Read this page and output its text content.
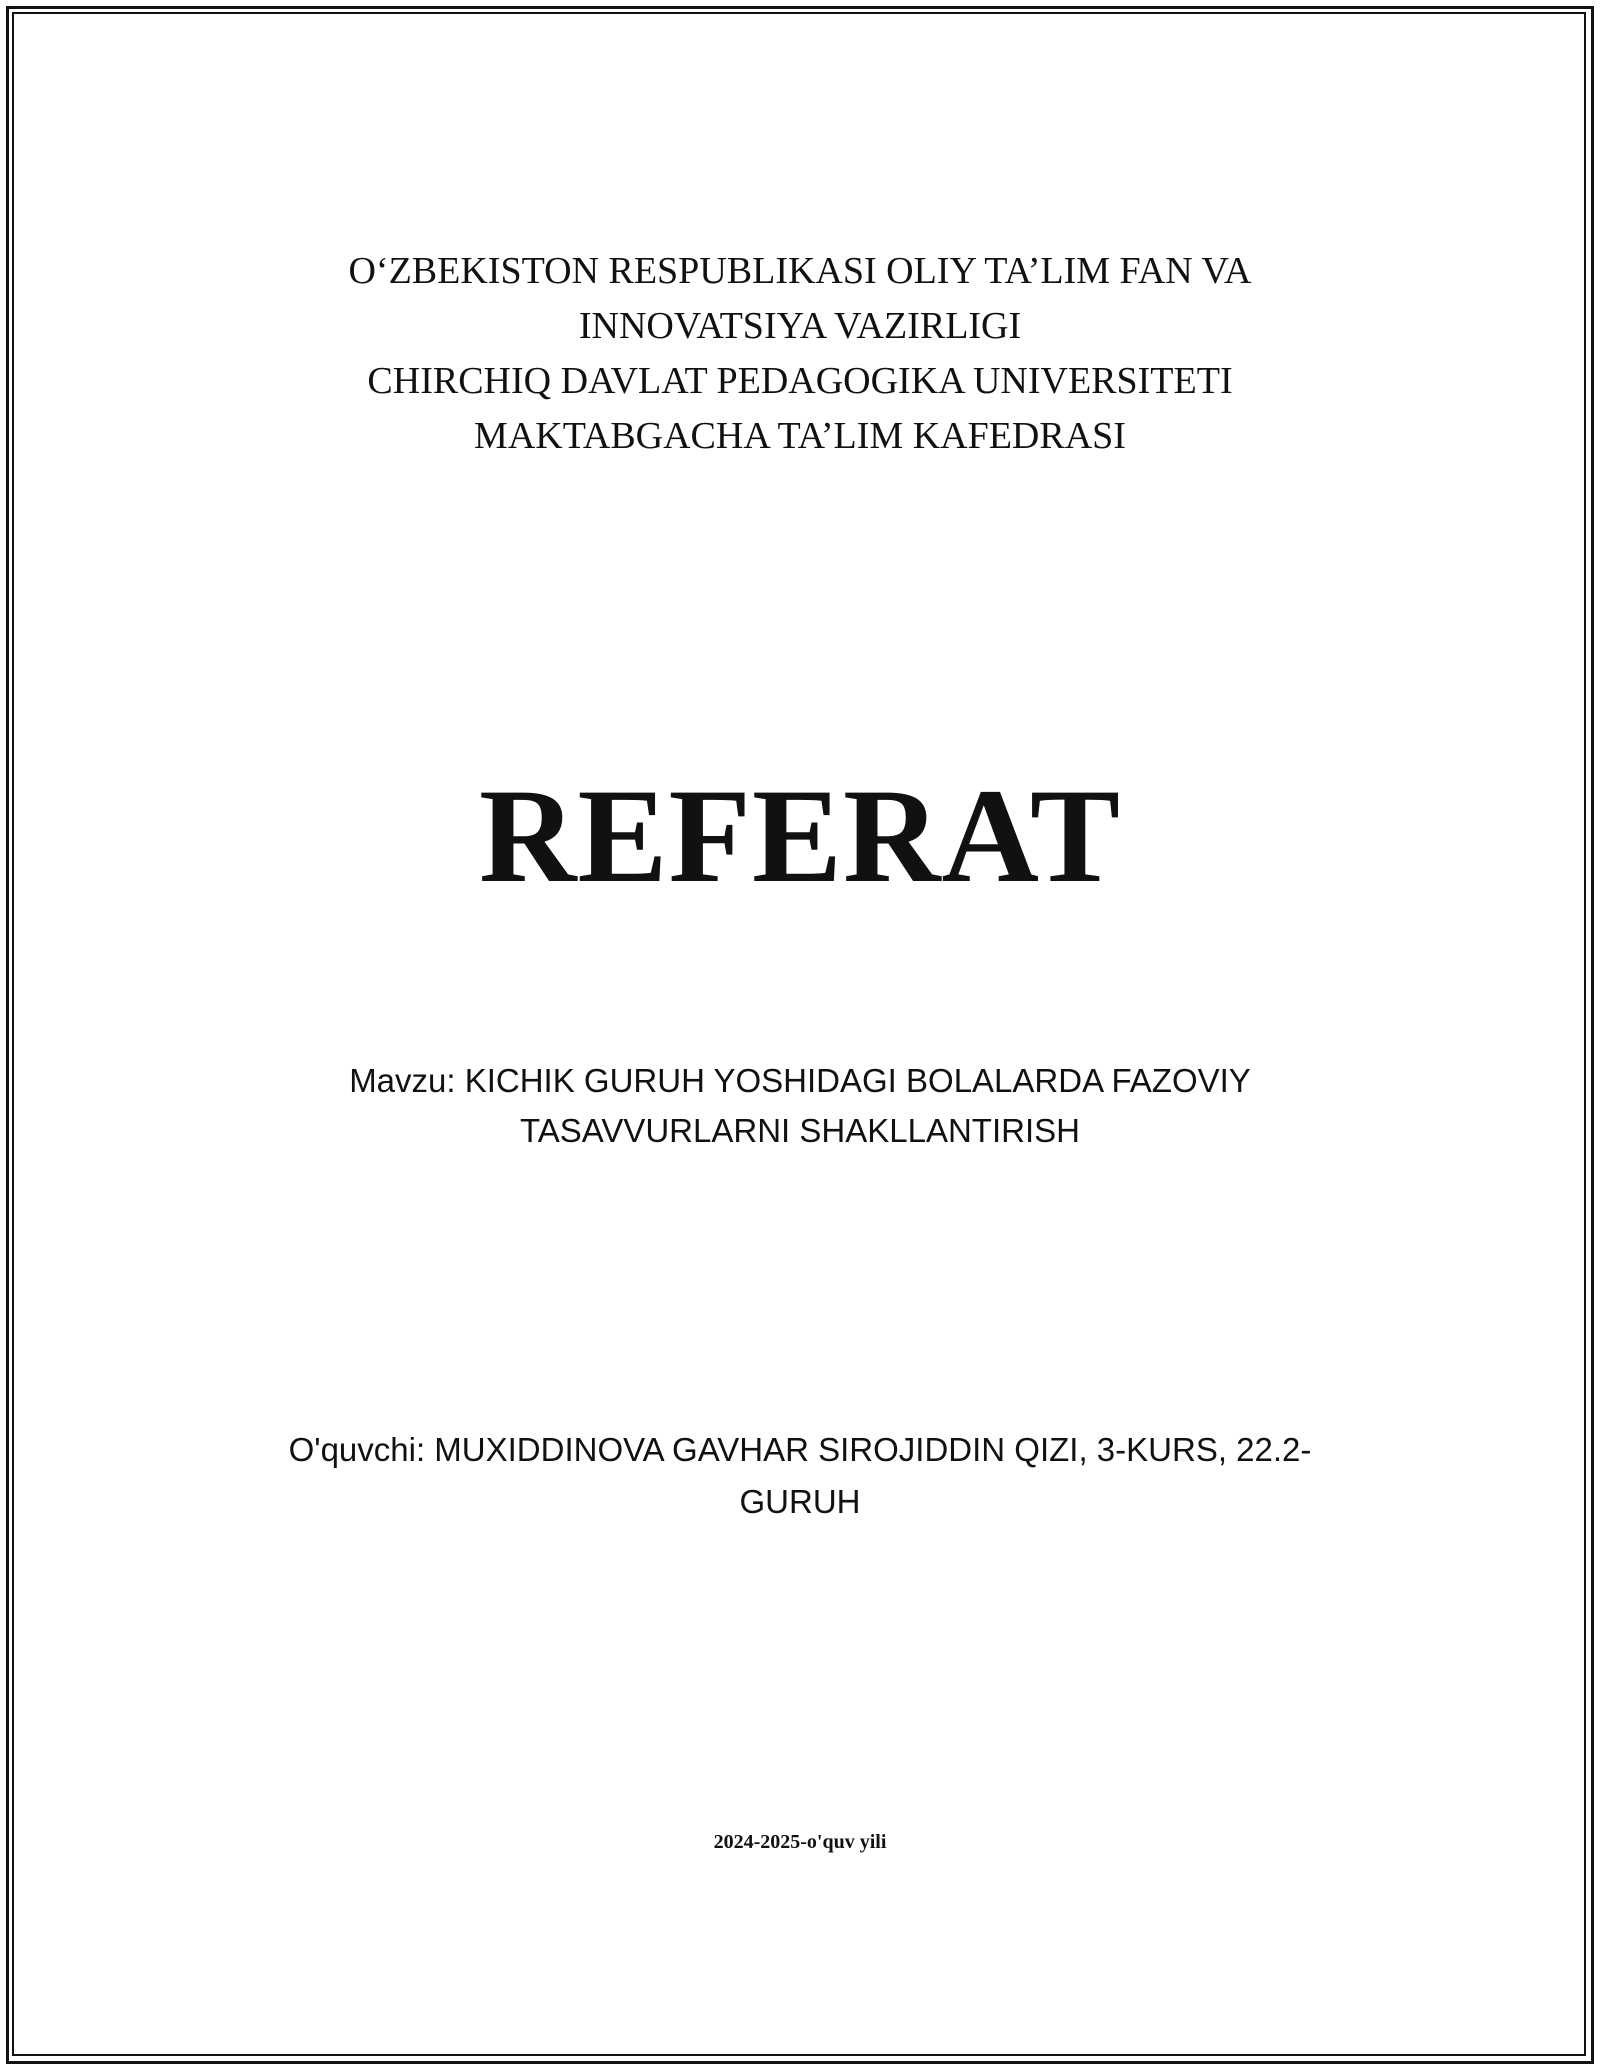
O‘ZBEKISTON RESPUBLIKASI OLIY TA’LIM FAN VA
INNOVATSIYA VAZIRLIGI
CHIRCHIQ DAVLAT PEDAGOGIKA UNIVERSITETI
MAKTABGACHA TA’LIM KAFEDRASI
REFERAT
Mavzu: KICHIK GURUH YOSHIDAGI BOLALARDA FAZOVIY
TASAVVURLARNI SHAKLLANTIRISH
O'quvchi: MUXIDDINOVA GAVHAR SIROJIDDIN QIZI, 3-KURS, 22.2-
GURUH
2024-2025-o'quv yili
